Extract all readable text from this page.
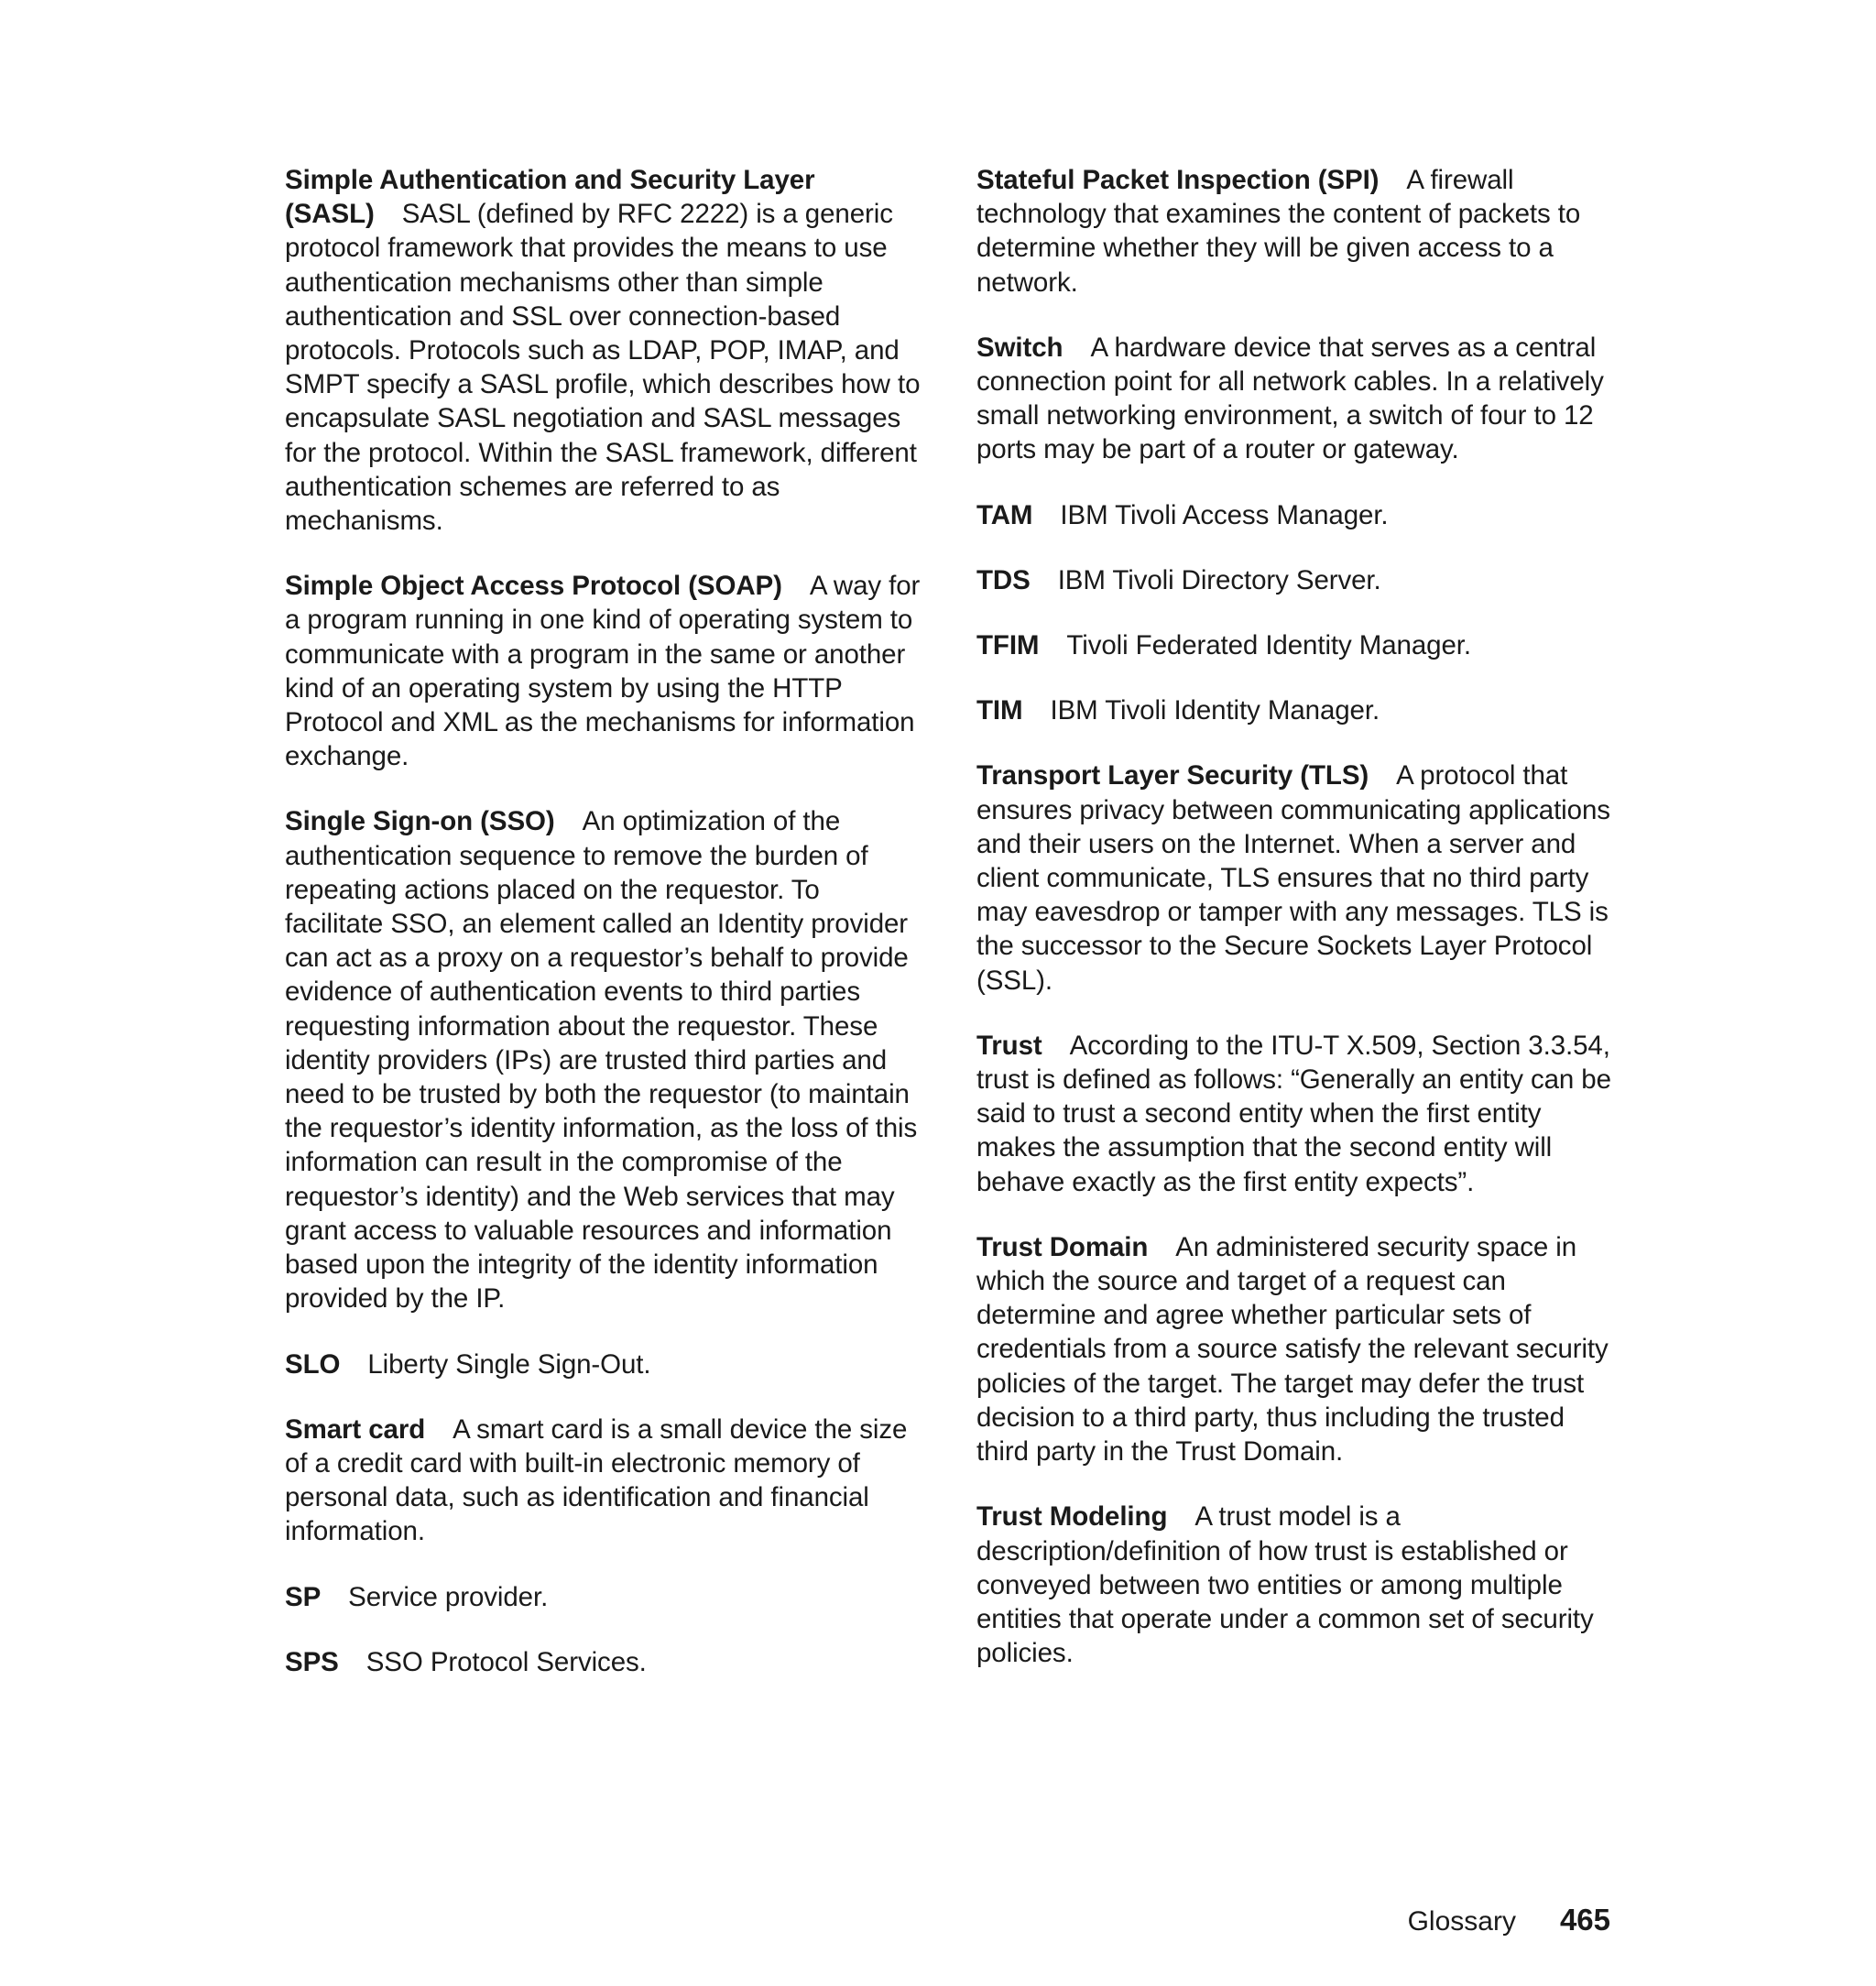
Simple Authentication and Security Layer (SASL) SASL (defined by RFC 2222) is a generic protocol framework that provides the means to use authentication mechanisms other than simple authentication and SSL over connection-based protocols. Protocols such as LDAP, POP, IMAP, and SMPT specify a SASL profile, which describes how to encapsulate SASL negotiation and SASL messages for the protocol. Within the SASL framework, different authentication schemes are referred to as mechanisms.

Simple Object Access Protocol (SOAP) A way for a program running in one kind of operating system to communicate with a program in the same or another kind of an operating system by using the HTTP Protocol and XML as the mechanisms for information exchange.

Single Sign-on (SSO) An optimization of the authentication sequence to remove the burden of repeating actions placed on the requestor. To facilitate SSO, an element called an Identity provider can act as a proxy on a requestor’s behalf to provide evidence of authentication events to third parties requesting information about the requestor. These identity providers (IPs) are trusted third parties and need to be trusted by both the requestor (to maintain the requestor’s identity information, as the loss of this information can result in the compromise of the requestor’s identity) and the Web services that may grant access to valuable resources and information based upon the integrity of the identity information provided by the IP.

SLO Liberty Single Sign-Out.

Smart card A smart card is a small device the size of a credit card with built-in electronic memory of personal data, such as identification and financial information.

SP Service provider.

SPS SSO Protocol Services.

Stateful Packet Inspection (SPI) A firewall technology that examines the content of packets to determine whether they will be given access to a network.

Switch A hardware device that serves as a central connection point for all network cables. In a relatively small networking environment, a switch of four to 12 ports may be part of a router or gateway.

TAM IBM Tivoli Access Manager.

TDS IBM Tivoli Directory Server.

TFIM Tivoli Federated Identity Manager.

TIM IBM Tivoli Identity Manager.

Transport Layer Security (TLS) A protocol that ensures privacy between communicating applications and their users on the Internet. When a server and client communicate, TLS ensures that no third party may eavesdrop or tamper with any messages. TLS is the successor to the Secure Sockets Layer Protocol (SSL).

Trust According to the ITU-T X.509, Section 3.3.54, trust is defined as follows: “Generally an entity can be said to trust a second entity when the first entity makes the assumption that the second entity will behave exactly as the first entity expects”.

Trust Domain An administered security space in which the source and target of a request can determine and agree whether particular sets of credentials from a source satisfy the relevant security policies of the target. The target may defer the trust decision to a third party, thus including the trusted third party in the Trust Domain.

Trust Modeling A trust model is a description/definition of how trust is established or conveyed between two entities or among multiple entities that operate under a common set of security policies.

Glossary 465
